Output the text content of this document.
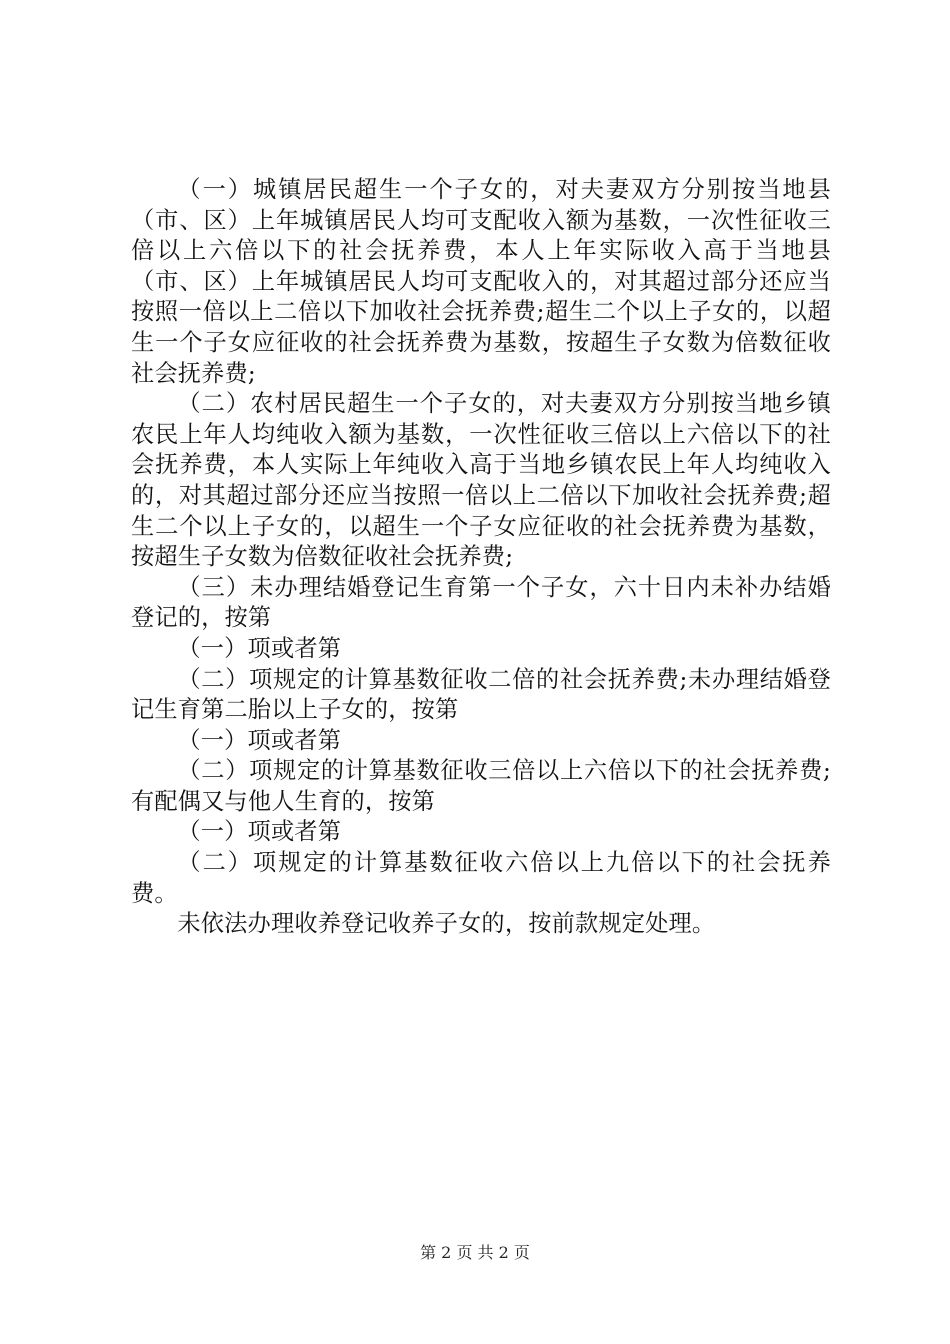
（一）城镇居民超生一个子女的，对夫妻双方分别按当地县（市、区）上年城镇居民人均可支配收入额为基数，一次性征收三倍以上六倍以下的社会抚养费，本人上年实际收入高于当地县（市、区）上年城镇居民人均可支配收入的，对其超过部分还应当按照一倍以上二倍以下加收社会抚养费;超生二个以上子女的，以超生一个子女应征收的社会抚养费为基数，按超生子女数为倍数征收社会抚养费;

（二）农村居民超生一个子女的，对夫妻双方分别按当地乡镇农民上年人均纯收入额为基数，一次性征收三倍以上六倍以下的社会抚养费，本人实际上年纯收入高于当地乡镇农民上年人均纯收入的，对其超过部分还应当按照一倍以上二倍以下加收社会抚养费;超生二个以上子女的，以超生一个子女应征收的社会抚养费为基数，按超生子女数为倍数征收社会抚养费;

（三）未办理结婚登记生育第一个子女，六十日内未补办结婚登记的，按第

（一）项或者第

（二）项规定的计算基数征收二倍的社会抚养费;未办理结婚登记生育第二胎以上子女的，按第

（一）项或者第

（二）项规定的计算基数征收三倍以上六倍以下的社会抚养费;有配偶又与他人生育的，按第

（一）项或者第

（二）项规定的计算基数征收六倍以上九倍以下的社会抚养费。

未依法办理收养登记收养子女的，按前款规定处理。

第 2 页 共 2 页
